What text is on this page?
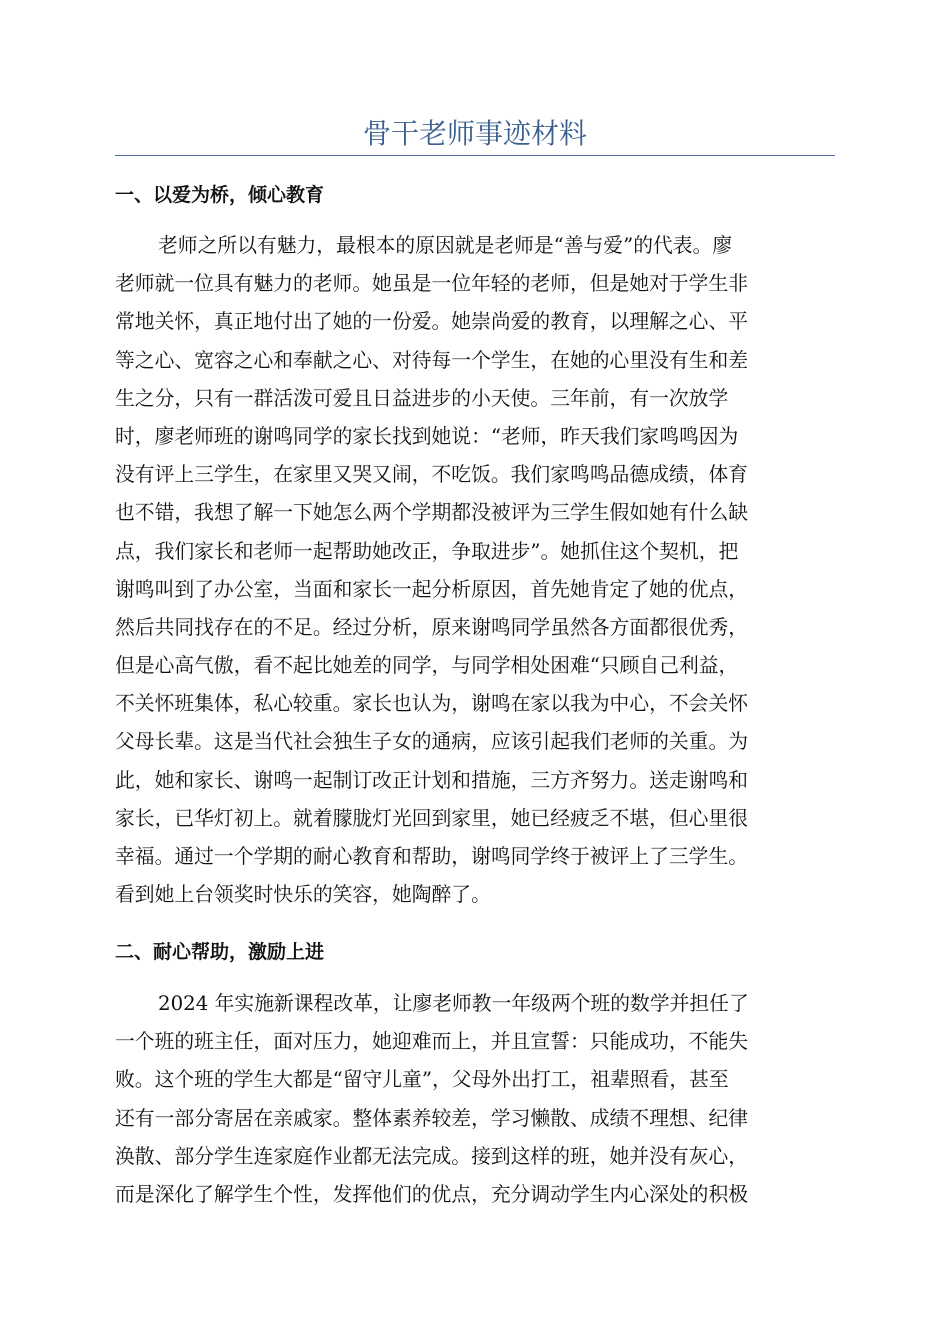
骨干老师事迹材料
一、以爱为桥，倾心教育
老师之所以有魅力，最根本的原因就是老师是“善与爱”的代表。廖
老师就一位具有魅力的老师。她虽是一位年轻的老师，但是她对于学生非
常地关怀，真正地付出了她的一份爱。她崇尚爱的教育，以理解之心、平
等之心、宽容之心和奉献之心、对待每一个学生，在她的心里没有生和差
生之分，只有一群活泼可爱且日益进步的小天使。三年前，有一次放学
时，廖老师班的谢鸣同学的家长找到她说：“老师，昨天我们家鸣鸣因为
没有评上三学生，在家里又哭又闹，不吃饭。我们家鸣鸣品德成绩，体育
也不错，我想了解一下她怎么两个学期都没被评为三学生假如她有什么缺
点，我们家长和老师一起帮助她改正，争取进步”。她抓住这个契机，把
谢鸣叫到了办公室，当面和家长一起分析原因，首先她肯定了她的优点，
然后共同找存在的不足。经过分析，原来谢鸣同学虽然各方面都很优秀，
但是心高气傲，看不起比她差的同学，与同学相处困难“只顾自己利益，
不关怀班集体，私心较重。家长也认为，谢鸣在家以我为中心，不会关怀
父母长辈。这是当代社会独生子女的通病，应该引起我们老师的关重。为
此，她和家长、谢鸣一起制订改正计划和措施，三方齐努力。送走谢鸣和
家长，已华灯初上。就着朦胧灯光回到家里，她已经疲乏不堪，但心里很
幸福。通过一个学期的耐心教育和帮助，谢鸣同学终于被评上了三学生。
看到她上台领奖时快乐的笑容，她陶醉了。
二、耐心帮助，激励上进
2024 年实施新课程改革，让廖老师教一年级两个班的数学并担任了
一个班的班主任，面对压力，她迎难而上，并且宣誓：只能成功，不能失
败。这个班的学生大都是“留守儿童”，父母外出打工，祖辈照看，甚至
还有一部分寄居在亲戚家。整体素养较差，学习懒散、成绩不理想、纪律
涣散、部分学生连家庭作业都无法完成。接到这样的班，她并没有灰心，
而是深化了解学生个性，发挥他们的优点，充分调动学生内心深处的积极
